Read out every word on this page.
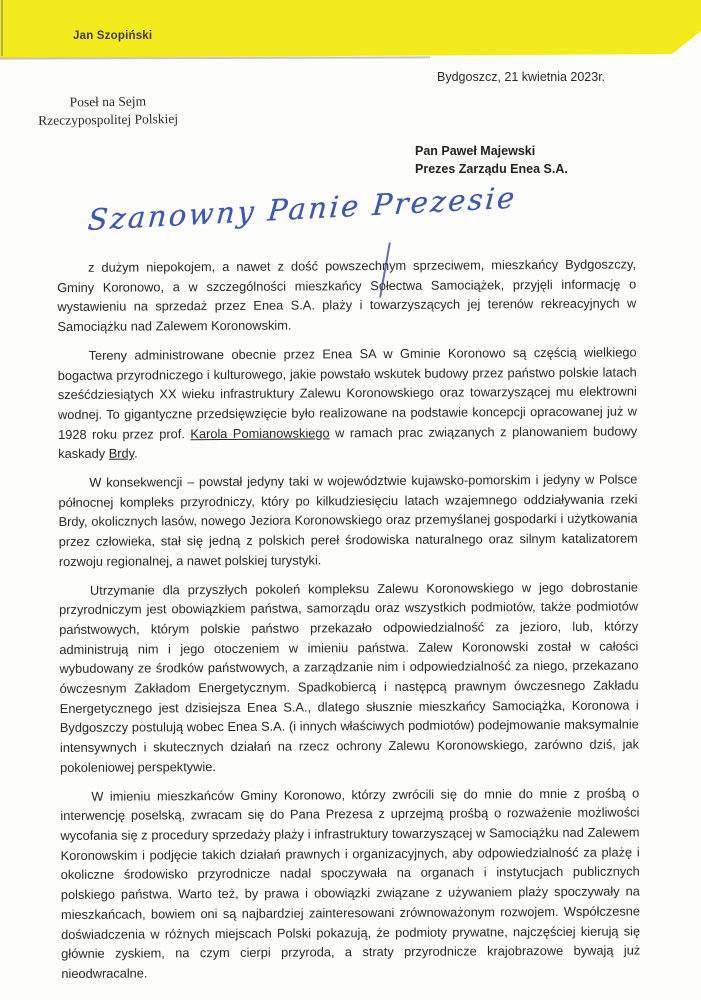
Jan Szopiński
Bydgoszcz, 21 kwietnia 2023r.
Poseł na Sejm
Rzeczypospolitej Polskiej
Pan Paweł Majewski
Prezes Zarządu Enea S.A.
Szanowny Panie Prezesie

z dużym niepokojem, a nawet z dość powszechnym sprzeciwem, mieszkańcy Bydgoszczy, Gminy Koronowo, a w szczególności mieszkańcy Sołectwa Samociążek, przyjęli informację o wystawieniu na sprzedaż przez Enea S.A. plaży i towarzyszących jej terenów rekreacyjnych w Samociążku nad Zalewem Koronowskim.

Tereny administrowane obecnie przez Enea SA w Gminie Koronowo są częścią wielkiego bogactwa przyrodniczego i kulturowego, jakie powstało wskutek budowy przez państwo polskie latach sześćdziesiątych XX wieku infrastruktury Zalewu Koronowskiego oraz towarzyszącej mu elektrowni wodnej. To gigantyczne przedsięwzięcie było realizowane na podstawie koncepcji opracowanej już w 1928 roku przez prof. Karola Pomianowskiego w ramach prac związanych z planowaniem budowy kaskady Brdy.

W konsekwencji – powstał jedyny taki w województwie kujawsko-pomorskim i jedyny w Polsce północnej kompleks przyrodniczy, który po kilkudziesięciu latach wzajemnego oddziaływania rzeki Brdy, okolicznych lasów, nowego Jeziora Koronowskiego oraz przemyślanej gospodarki i użytkowania przez człowieka, stał się jedną z polskich pereł środowiska naturalnego oraz silnym katalizatorem rozwoju regionalnej, a nawet polskiej turystyki.

Utrzymanie dla przyszłych pokoleń kompleksu Zalewu Koronowskiego w jego dobrostanie przyrodniczym jest obowiązkiem państwa, samorządu oraz wszystkich podmiotów, także podmiotów państwowych, którym polskie państwo przekazało odpowiedzialność za jezioro, lub, którzy administrują nim i jego otoczeniem w imieniu państwa. Zalew Koronowski został w całości wybudowany ze środków państwowych, a zarządzanie nim i odpowiedzialność za niego, przekazano ówczesnym Zakładom Energetycznym. Spadkobiercą i następcą prawnym ówczesnego Zakładu Energetycznego jest dzisiejsza Enea S.A., dlatego słusznie mieszkańcy Samociążka, Koronowa i Bydgoszczy postulują wobec Enea S.A. (i innych właściwych podmiotów) podejmowanie maksymalnie intensywnych i skutecznych działań na rzecz ochrony Zalewu Koronowskiego, zarówno dziś, jak pokoleniowej perspektywie.

W imieniu mieszkańców Gminy Koronowo, którzy zwrócili się do mnie do mnie z prośbą o interwencję poselską, zwracam się do Pana Prezesa z uprzejmą prośbą o rozważenie możliwości wycofania się z procedury sprzedaży plaży i infrastruktury towarzyszącej w Samociążku nad Zalewem Koronowskim i podjęcie takich działań prawnych i organizacyjnych, aby odpowiedzialność za plażę i okoliczne środowisko przyrodnicze nadal spoczywała na organach i instytucjach publicznych polskiego państwa. Warto też, by prawa i obowiązki związane z używaniem plaży spoczywały na mieszkańcach, bowiem oni są najbardziej zainteresowani zrównoważonym rozwojem. Współczesne doświadczenia w różnych miejscach Polski pokazują, że podmioty prywatne, najczęściej kierują się głównie zyskiem, na czym cierpi przyroda, a straty przyrodnicze krajobrazowe bywają już nieodwracalne.
